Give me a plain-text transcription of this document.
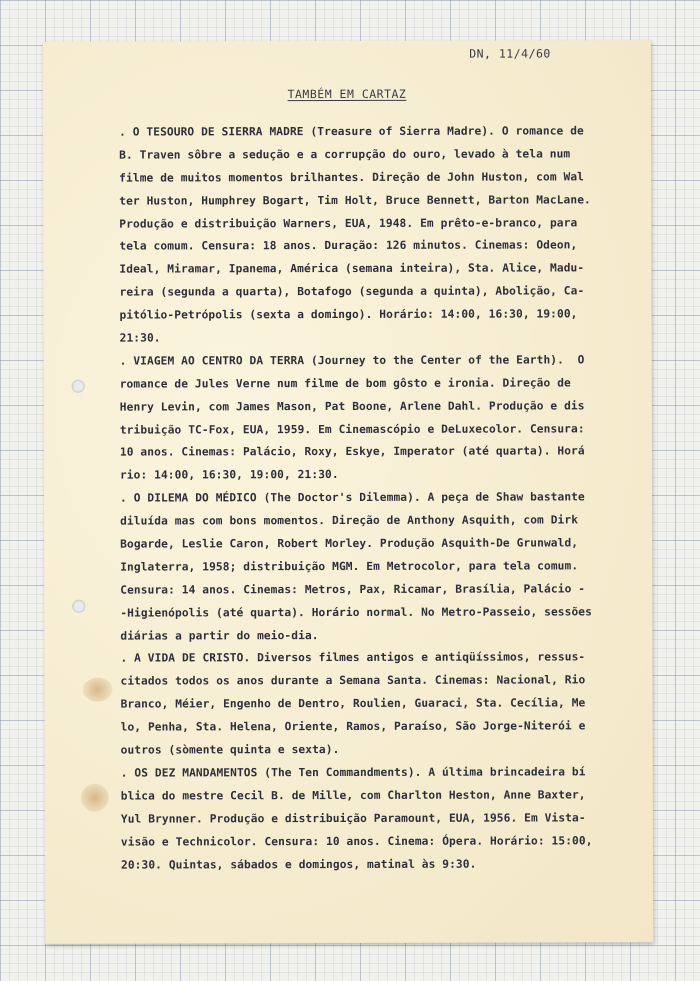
DN, 11/4/60
TAMBÉM EM CARTAZ
. O TESOURO DE SIERRA MADRE (Treasure of Sierra Madre). O romance de
B. Traven sôbre a sedução e a corrupção do ouro, levado à tela num
filme de muitos momentos brilhantes. Direção de John Huston, com Wal
ter Huston, Humphrey Bogart, Tim Holt, Bruce Bennett, Barton MacLane.
Produção e distribuição Warners, EUA, 1948. Em prêto-e-branco, para
tela comum. Censura: 18 anos. Duração: 126 minutos. Cinemas: Odeon,
Ideal, Miramar, Ipanema, América (semana inteira), Sta. Alice, Madu-
reira (segunda a quarta), Botafogo (segunda a quinta), Abolição, Ca-
pitólio-Petrópolis (sexta a domingo). Horário: 14:00, 16:30, 19:00,
21:30.
. VIAGEM AO CENTRO DA TERRA (Journey to the Center of the Earth).  O
romance de Jules Verne num filme de bom gôsto e ironia. Direção de
Henry Levin, com James Mason, Pat Boone, Arlene Dahl. Produção e dis
tribuição TC-Fox, EUA, 1959. Em Cinemascópio e DeLuxecolor. Censura:
10 anos. Cinemas: Palácio, Roxy, Eskye, Imperator (até quarta). Horá
rio: 14:00, 16:30, 19:00, 21:30.
. O DILEMA DO MÉDICO (The Doctor's Dilemma). A peça de Shaw bastante
diluída mas com bons momentos. Direção de Anthony Asquith, com Dirk
Bogarde, Leslie Caron, Robert Morley. Produção Asquith-De Grunwald,
Inglaterra, 1958; distribuição MGM. Em Metrocolor, para tela comum.
Censura: 14 anos. Cinemas: Metros, Pax, Ricamar, Brasília, Palácio -
-Higienópolis (até quarta). Horário normal. No Metro-Passeio, sessões
diárias a partir do meio-dia.
. A VIDA DE CRISTO. Diversos filmes antigos e antiqüíssimos, ressus-
citados todos os anos durante a Semana Santa. Cinemas: Nacional, Rio
Branco, Méier, Engenho de Dentro, Roulien, Guaraci, Sta. Cecília, Me
lo, Penha, Sta. Helena, Oriente, Ramos, Paraíso, São Jorge-Niterói e
outros (sòmente quinta e sexta).
. OS DEZ MANDAMENTOS (The Ten Commandments). A última brincadeira bí
blica do mestre Cecil B. de Mille, com Charlton Heston, Anne Baxter,
Yul Brynner. Produção e distribuição Paramount, EUA, 1956. Em Vista-
visão e Technicolor. Censura: 10 anos. Cinema: Ópera. Horário: 15:00,
20:30. Quintas, sábados e domingos, matinal às 9:30.
